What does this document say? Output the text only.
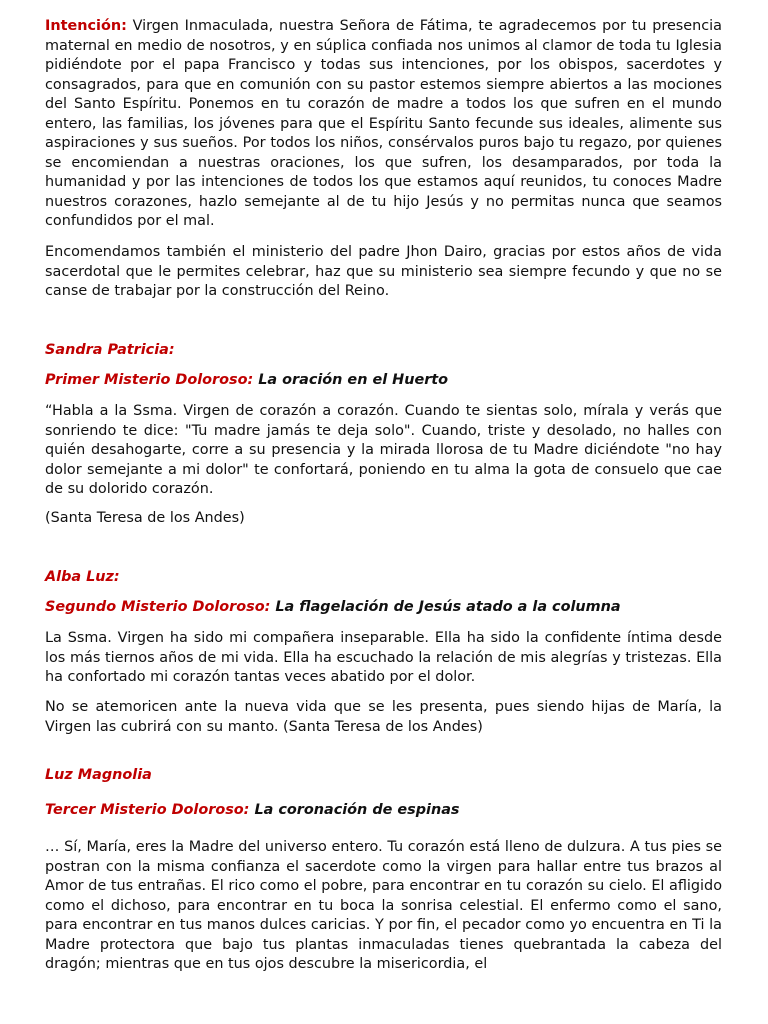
Intención: Virgen Inmaculada, nuestra Señora de Fátima, te agradecemos por tu presencia maternal en medio de nosotros, y en súplica confiada nos unimos al clamor de toda tu Iglesia pidiéndote por el papa Francisco y todas sus intenciones, por los obispos, sacerdotes y consagrados, para que en comunión con su pastor estemos siempre abiertos a las mociones del Santo Espíritu. Ponemos en tu corazón de madre a todos los que sufren en el mundo entero, las familias, los jóvenes para que el Espíritu Santo fecunde sus ideales, alimente sus aspiraciones y sus sueños. Por todos los niños, consérvalos puros bajo tu regazo, por quienes se encomiendan a nuestras oraciones, los que sufren, los desamparados, por toda la humanidad y por las intenciones de todos los que estamos aquí reunidos, tu conoces Madre nuestros corazones, hazlo semejante al de tu hijo Jesús y no permitas nunca que seamos confundidos por el mal.

Encomendamos también el ministerio del padre Jhon Dairo, gracias por estos años de vida sacerdotal que le permites celebrar, haz que su ministerio sea siempre fecundo y que no se canse de trabajar por la construcción del Reino.

Sandra Patricia:

Primer Misterio Doloroso: La oración en el Huerto

“Habla a la Ssma. Virgen de corazón a corazón. Cuando te sientas solo, mírala y verás que sonriendo te dice: "Tu madre jamás te deja solo". Cuando, triste y desolado, no halles con quién desahogarte, corre a su presencia y la mirada llorosa de tu Madre diciéndote "no hay dolor semejante a mi dolor" te confortará, poniendo en tu alma la gota de consuelo que cae de su dolorido corazón.

(Santa Teresa de los Andes)

Alba Luz:

Segundo Misterio Doloroso: La flagelación de Jesús atado a la columna

La Ssma. Virgen ha sido mi compañera inseparable. Ella ha sido la confidente íntima desde los más tiernos años de mi vida. Ella ha escuchado la relación de mis alegrías y tristezas. Ella ha confortado mi corazón tantas veces abatido por el dolor.

No se atemoricen ante la nueva vida que se les presenta, pues siendo hijas de María, la Virgen las cubrirá con su manto. (Santa Teresa de los Andes)

Luz Magnolia

Tercer Misterio Doloroso: La coronación de espinas

… Sí, María, eres la Madre del universo entero. Tu corazón está lleno de dulzura. A tus pies se postran con la misma confianza el sacerdote como la virgen para hallar entre tus brazos al Amor de tus entrañas. El rico como el pobre, para encontrar en tu corazón su cielo. El afligido como el dichoso, para encontrar en tu boca la sonrisa celestial. El enfermo como el sano, para encontrar en tus manos dulces caricias. Y por fin, el pecador como yo encuentra en Ti la Madre protectora que bajo tus plantas inmaculadas tienes quebrantada la cabeza del dragón; mientras que en tus ojos descubre la misericordia, el
